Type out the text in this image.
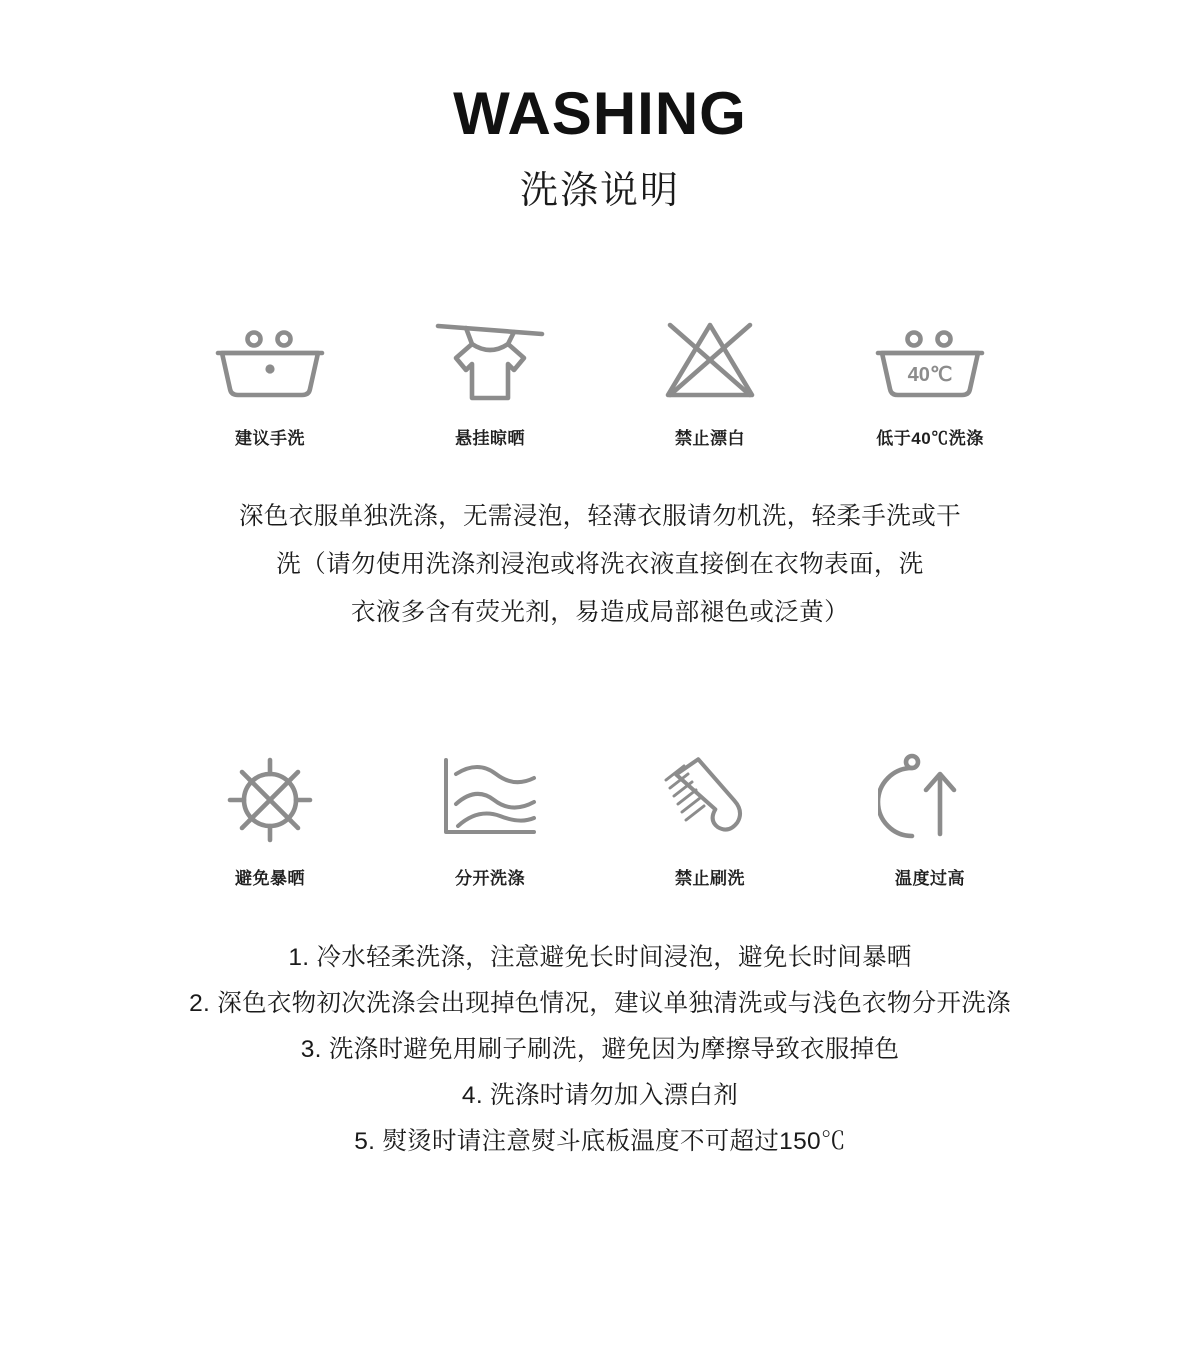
WASHING
洗涤说明
建议手洗	悬挂晾晒	禁止漂白
40℃
低于40℃洗涤
深色衣服单独洗涤，无需浸泡，轻薄衣服请勿机洗，轻柔手洗或干
洗（请勿使用洗涤剂浸泡或将洗衣液直接倒在衣物表面，洗
衣液多含有荧光剂，易造成局部褪色或泛黄）
避免暴晒	分开洗涤	禁止刷洗	温度过高
1. 冷水轻柔洗涤，注意避免长时间浸泡，避免长时间暴晒
2. 深色衣物初次洗涤会出现掉色情况，建议单独清洗或与浅色衣物分开洗涤
3. 洗涤时避免用刷子刷洗，避免因为摩擦导致衣服掉色
4. 洗涤时请勿加入漂白剂
5. 熨烫时请注意熨斗底板温度不可超过150℃
